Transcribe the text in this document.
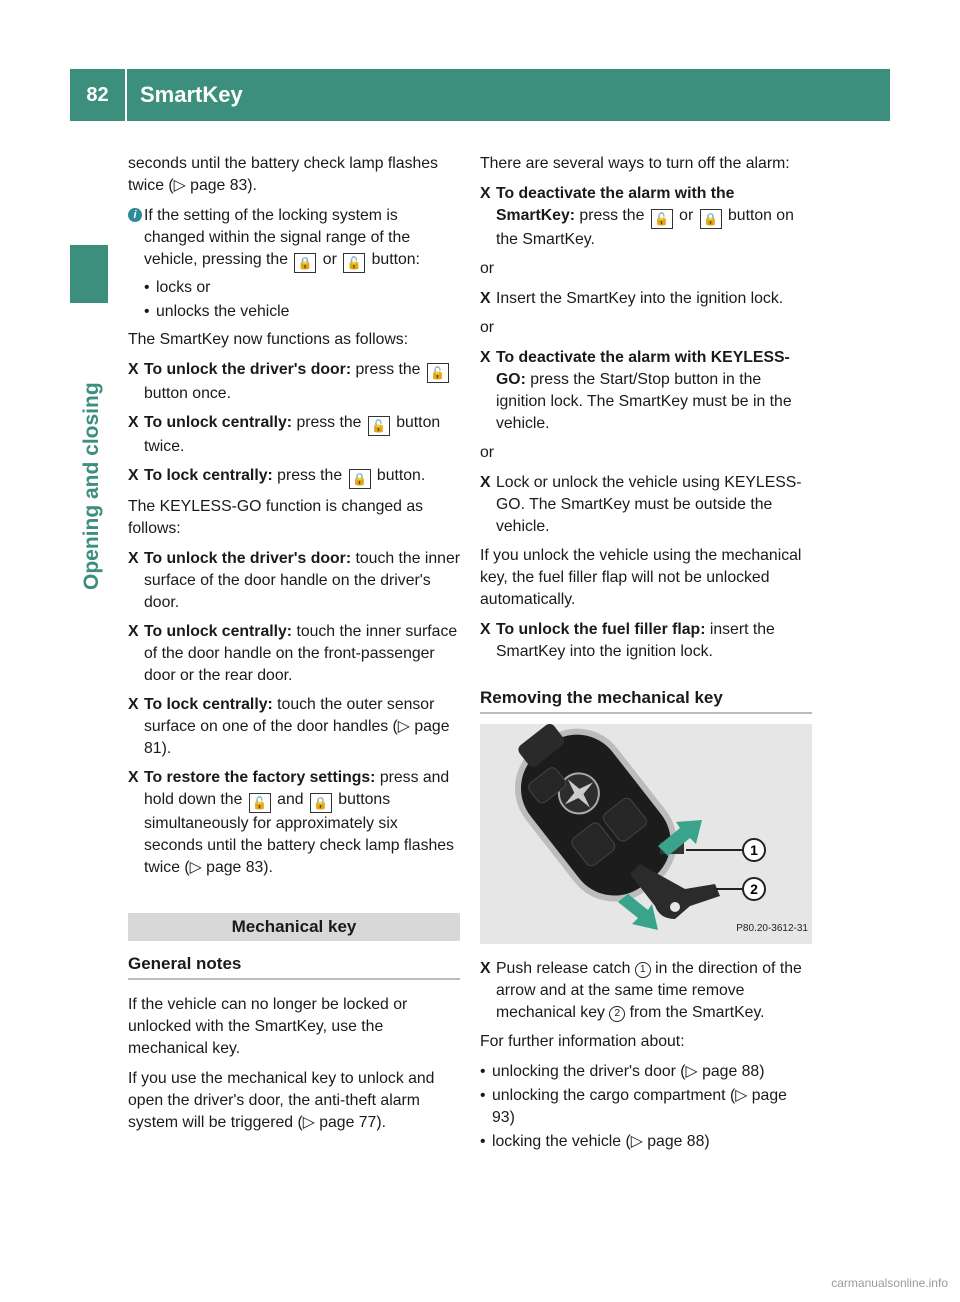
82	SmartKey
Opening and closing

seconds until the battery check lamp flashes twice (▷ page 83).

i If the setting of the locking system is changed within the signal range of the vehicle, pressing the 🔒 or 🔓 button:
• locks or
• unlocks the vehicle

The SmartKey now functions as follows:

X To unlock the driver's door: press the 🔓 button once.
X To unlock centrally: press the 🔓 button twice.
X To lock centrally: press the 🔒 button.

The KEYLESS-GO function is changed as follows:

X To unlock the driver's door: touch the inner surface of the door handle on the driver's door.
X To unlock centrally: touch the inner surface of the door handle on the front-passenger door or the rear door.
X To lock centrally: touch the outer sensor surface on one of the door handles (▷ page 81).
X To restore the factory settings: press and hold down the 🔓 and 🔒 buttons simultaneously for approximately six seconds until the battery check lamp flashes twice (▷ page 83).
Mechanical key
General notes

If the vehicle can no longer be locked or unlocked with the SmartKey, use the mechanical key.

If you use the mechanical key to unlock and open the driver's door, the anti-theft alarm system will be triggered (▷ page 77).

There are several ways to turn off the alarm:

X To deactivate the alarm with the SmartKey: press the 🔓 or 🔒 button on the SmartKey.

or

X Insert the SmartKey into the ignition lock.

or

X To deactivate the alarm with KEYLESS-GO: press the Start/Stop button in the ignition lock. The SmartKey must be in the vehicle.

or

X Lock or unlock the vehicle using KEYLESS-GO. The SmartKey must be outside the vehicle.

If you unlock the vehicle using the mechanical key, the fuel filler flap will not be unlocked automatically.

X To unlock the fuel filler flap: insert the SmartKey into the ignition lock.
Removing the mechanical key
1
2
P80.20-3612-31
X Push release catch 1 in the direction of the arrow and at the same time remove mechanical key 2 from the SmartKey.

For further information about:

• unlocking the driver's door (▷ page 88)
• unlocking the cargo compartment (▷ page 93)
• locking the vehicle (▷ page 88)
carmanualsonline.info
